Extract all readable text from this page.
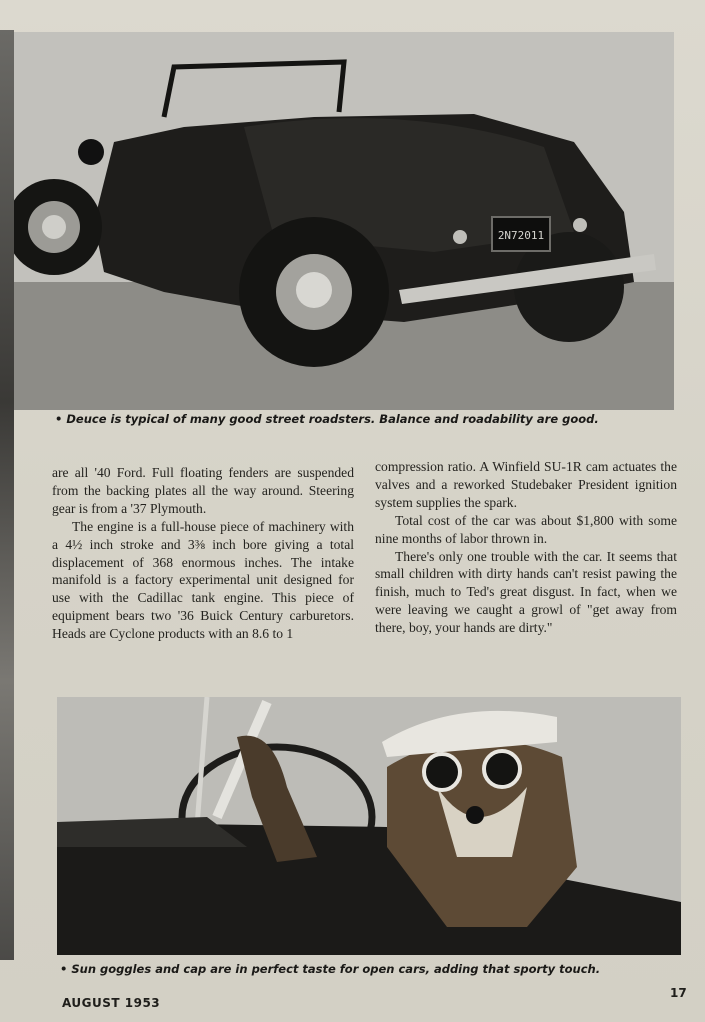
2N72011
• Deuce is typical of many good street roadsters. Balance and roadability are good.

are all '40 Ford. Full floating fenders are suspended from the backing plates all the way around. Steering gear is from a '37 Plymouth.

The engine is a full-house piece of machinery with a 4½ inch stroke and 3⅜ inch bore giving a total displacement of 368 enormous inches. The intake manifold is a factory experimental unit designed for use with the Cadillac tank engine. This piece of equipment bears two '36 Buick Century carburetors. Heads are Cyclone products with an 8.6 to 1

compression ratio. A Winfield SU-1R cam actuates the valves and a reworked Studebaker President ignition system supplies the spark.

Total cost of the car was about $1,800 with some nine months of labor thrown in.

There's only one trouble with the car. It seems that small children with dirty hands can't resist pawing the finish, much to Ted's great disgust. In fact, when we were leaving we caught a growl of "get away from there, boy, your hands are dirty."

• Sun goggles and cap are in perfect taste for open cars, adding that sporty touch.
AUGUST 1953
17
